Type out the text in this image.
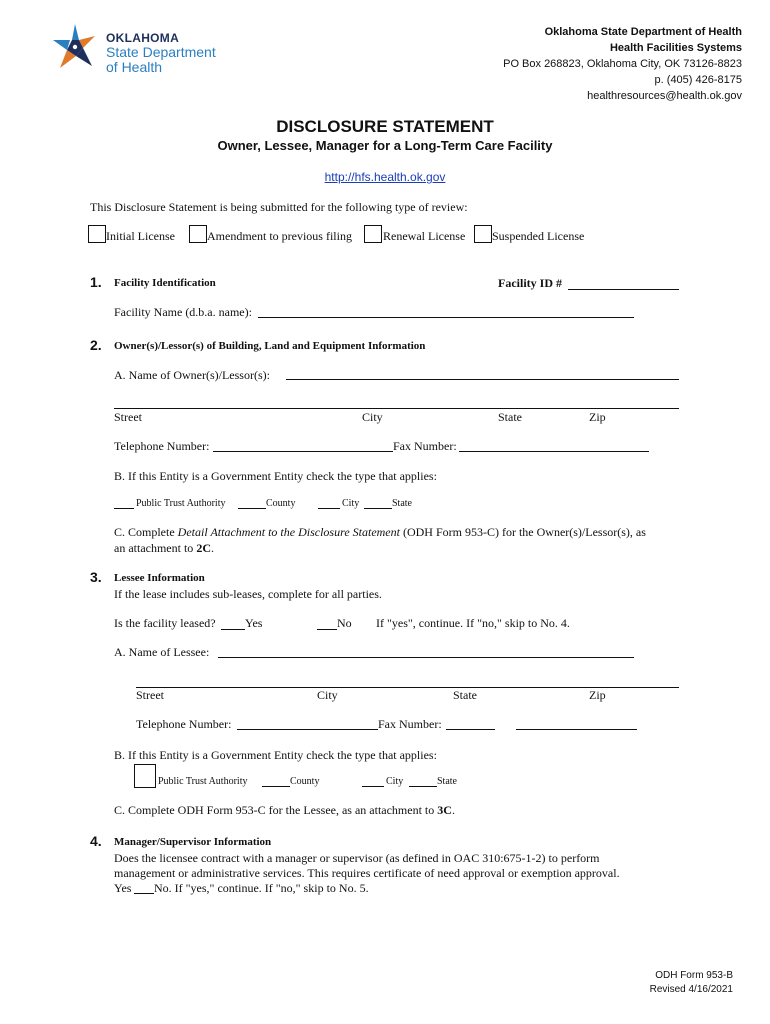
OKLAHOMA
State Department
of Health
Oklahoma State Department of Health
Health Facilities Systems
PO Box 268823, Oklahoma City, OK 73126-8823
p. (405) 426-8175
healthresources@health.ok.gov
DISCLOSURE STATEMENT
Owner, Lessee, Manager for a Long-Term Care Facility
http://hfs.health.ok.gov
This Disclosure Statement is being submitted for the following type of review:
Initial License	Amendment to previous filing	Renewal License Suspended License
1. Facility Identification	Facility ID #
Facility Name (d.b.a. name):
2. Owner(s)/Lessor(s) of Building, Land and Equipment Information
A. Name of Owner(s)/Lessor(s):
Street	City	State	Zip
Telephone Number:	Fax Number:
B. If this Entity is a Government Entity check the type that applies:
Public Trust Authority	County	City	State
C. Complete Detail Attachment to the Disclosure Statement (ODH Form 953-C) for the Owner(s)/Lessor(s), as
an attachment to 2C.
3. Lessee Information
If the lease includes sub-leases, complete for all parties.
Is the facility leased? Yes	No If "yes", continue. If "no," skip to No. 4.
A. Name of Lessee:
Street	City	State	Zip
Telephone Number:	Fax Number:
B. If this Entity is a Government Entity check the type that applies:
Public Trust Authority	County	City	State
C. Complete ODH Form 953-C for the Lessee, as an attachment to 3C.
4. Manager/Supervisor Information
Does the licensee contract with a manager or supervisor (as defined in OAC 310:675-1-2) to perform
management or administrative services. This requires certificate of need approval or exemption approval.
Yes No. If "yes," continue. If "no," skip to No. 5.
ODH Form 953-B
Revised 4/16/2021
